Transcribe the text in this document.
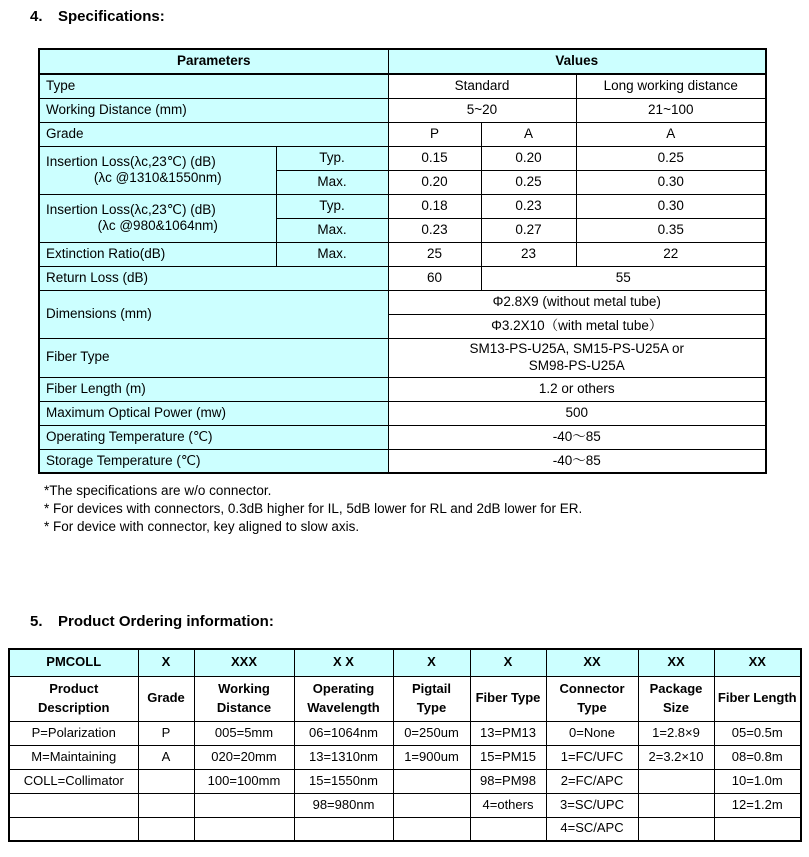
4.	Specifications:
Parameters		Values		
Type		Standard		Long working distance
Working Distance (mm)		5~20		21~100
Grade		P	A	A

Insertion Loss(λc,23℃) (dB)
(λc @1310&1550nm)	Typ.	0.15	0.20	0.25
	Max.	0.20	0.25	0.30

Insertion Loss(λc,23℃) (dB)
(λc @980&1064nm)	Typ.	0.18	0.23	0.30
	Max.	0.23	0.27	0.35
Extinction Ratio(dB)	Max.	25	23	22
Return Loss (dB)		60	55	
Dimensions (mm)		Φ2.8X9 (without metal tube)		
		Φ3.2X10（with metal tube）		
Fiber Type		SM13-PS-U25A, SM15-PS-U25A or
SM98-PS-U25A		

Fiber Length (m)		1.2 or others		
Maximum Optical Power (mw)		500		
Operating Temperature (℃)		-40～85		
Storage Temperature (℃)		-40～85		
*The specifications are w/o connector.
* For devices with connectors, 0.3dB higher for IL, 5dB lower for RL and 2dB lower for ER.
* For device with connector, key aligned to slow axis.
5.	Product Ordering information:
PMCOLL	X	XXX	X X	X	X	XX	XX	XX
Product Description	Grade	Working Distance	Operating Wavelength	Pigtail Type	Fiber Type	Connector Type	Package Size	Fiber Length
P=Polarization	P	005=5mm	06=1064nm	0=250um	13=PM13	0=None	1=2.8×9	05=0.5m
M=Maintaining	A	020=20mm	13=1310nm	1=900um	15=PM15	1=FC/UFC	2=3.2×10	08=0.8m
COLL=Collimator		100=100mm	15=1550nm		98=PM98	2=FC/APC		10=1.0m
			98=980nm		4=others	3=SC/UPC		12=1.2m
						4=SC/APC		
